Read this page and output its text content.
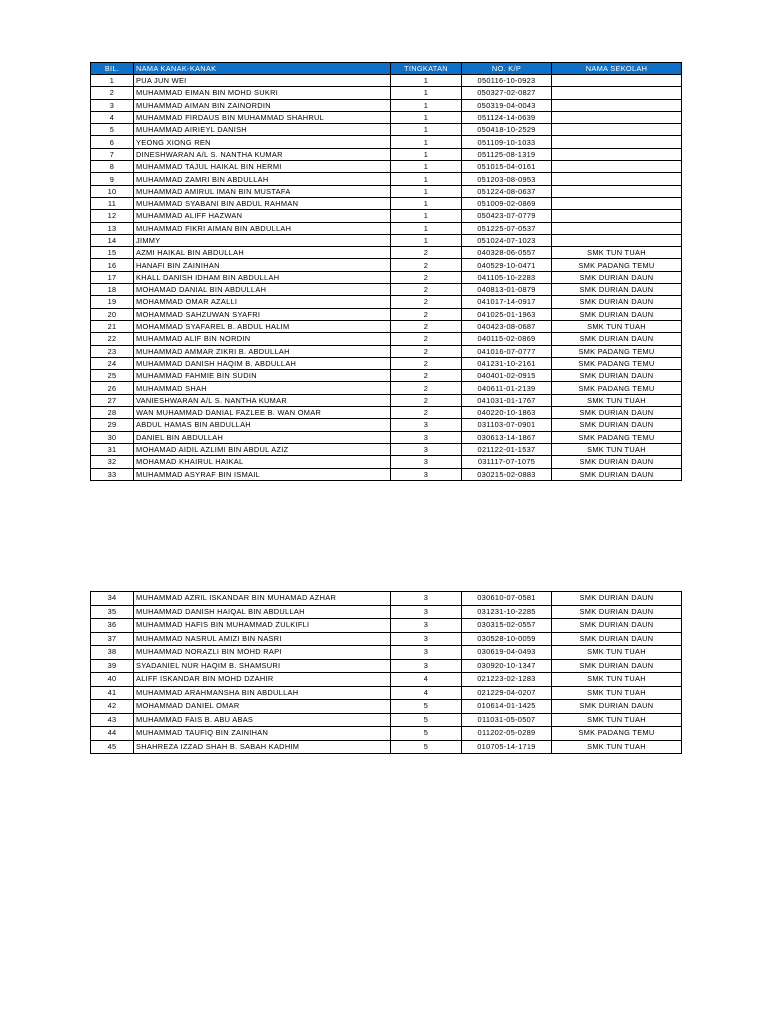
BIL.	NAMA KANAK-KANAK	TINGKATAN	NO. K/P	NAMA SEKOLAH
1	PUA JUN WEI	1	050116-10-0923	
2	MUHAMMAD EIMAN BIN MOHD SUKRI	1	050327-02-0827	
3	MUHAMMAD AIMAN BIN ZAINORDIN	1	050319-04-0043	
4	MUHAMMAD FIRDAUS BIN MUHAMMAD SHAHRUL	1	051124-14-0639	
5	MUHAMMAD AIRIEYL DANISH	1	050418-10-2529	
6	YEONG XIONG REN	1	051109-10-1033	
7	DINESHWARAN A/L S. NANTHA KUMAR	1	051125-08-1319	
8	MUHAMMAD TAJUL HAIKAL BIN HERMI	1	051015-04-0161	
9	MUHAMMAD ZAMRI BIN ABDULLAH	1	051203-08-0953	
10	MUHAMMAD AMIRUL IMAN BIN MUSTAFA	1	051224-08-0637	
11	MUHAMMAD SYABANI BIN ABDUL RAHMAN	1	051009-02-0869	
12	MUHAMMAD ALIFF HAZWAN	1	050423-07-0779	
13	MUHAMMAD FIKRI AIMAN BIN ABDULLAH	1	051225-07-0537	
14	JIMMY	1	051024-07-1023	
15	AZMI HAIKAL BIN ABDULLAH	2	040328-06-0557	SMK TUN TUAH
16	HANAFI BIN ZAINIHAN	2	040529-10-0471	SMK PADANG TEMU
17	KHALL DANISH IDHAM BIN ABDULLAH	2	041105-10-2283	SMK DURIAN DAUN
18	MOHAMAD DANIAL BIN ABDULLAH	2	040813-01-0879	SMK DURIAN DAUN
19	MOHAMMAD OMAR AZALLI	2	041017-14-0917	SMK DURIAN DAUN
20	MOHAMMAD SAHZUWAN SYAFRI	2	041025-01-1963	SMK DURIAN DAUN
21	MOHAMMAD SYAFAREL B. ABDUL HALIM	2	040423-08-0687	SMK TUN TUAH
22	MUHAMMAD ALIF BIN NORDIN	2	040115-02-0869	SMK DURIAN DAUN
23	MUHAMMAD AMMAR ZIKRI B. ABDULLAH	2	041016-07-0777	SMK PADANG TEMU
24	MUHAMMAD DANISH HAQIM B. ABDULLAH	2	041231-10-2161	SMK PADANG TEMU
25	MUHAMMAD FAHMIE BIN SUDIN	2	040401-02-0915	SMK DURIAN DAUN
26	MUHAMMAD SHAH	2	040611-01-2139	SMK PADANG TEMU
27	VANIESHWARAN A/L S. NANTHA KUMAR	2	041031-01-1767	SMK TUN TUAH
28	WAN MUHAMMAD DANIAL FAZLEE B. WAN OMAR	2	040220-10-1863	SMK DURIAN DAUN
29	ABDUL HAMAS BIN ABDULLAH	3	031103-07-0901	SMK DURIAN DAUN
30	DANIEL BIN ABDULLAH	3	030613-14-1867	SMK PADANG TEMU
31	MOHAMAD AIDIL AZLIMI BIN ABDUL AZIZ	3	021122-01-1537	SMK TUN TUAH
32	MOHAMAD KHAIRUL HAIKAL	3	031117-07-1075	SMK DURIAN DAUN
33	MUHAMMAD ASYRAF BIN ISMAIL	3	030215-02-0883	SMK DURIAN DAUN
34	MUHAMMAD AZRIL ISKANDAR BIN MUHAMAD AZHAR	3	030610-07-0581	SMK DURIAN DAUN
35	MUHAMMAD DANISH HAIQAL BIN ABDULLAH	3	031231-10-2285	SMK DURIAN DAUN
36	MUHAMMAD HAFIS BIN MUHAMMAD ZULKIFLI	3	030315-02-0557	SMK DURIAN DAUN
37	MUHAMMAD NASRUL AMIZI BIN NASRI	3	030528-10-0059	SMK DURIAN DAUN
38	MUHAMMAD NORAZLI BIN MOHD RAPI	3	030619-04-0493	SMK TUN TUAH
39	SYADANIEL NUR HAQIM B. SHAMSURI	3	030920-10-1347	SMK DURIAN DAUN
40	ALIFF ISKANDAR BIN MOHD DZAHIR	4	021223-02-1283	SMK TUN TUAH
41	MUHAMMAD ARAHMANSHA BIN ABDULLAH	4	021229-04-0207	SMK TUN TUAH
42	MOHAMMAD DANIEL OMAR	5	010614-01-1425	SMK DURIAN DAUN
43	MUHAMMAD FAIS B. ABU ABAS	5	011031-05-0507	SMK TUN TUAH
44	MUHAMMAD TAUFIQ BIN ZAINIHAN	5	011202-05-0289	SMK PADANG TEMU
45	SHAHREZA IZZAD SHAH B. SABAH KADHIM	5	010705-14-1719	SMK TUN TUAH
